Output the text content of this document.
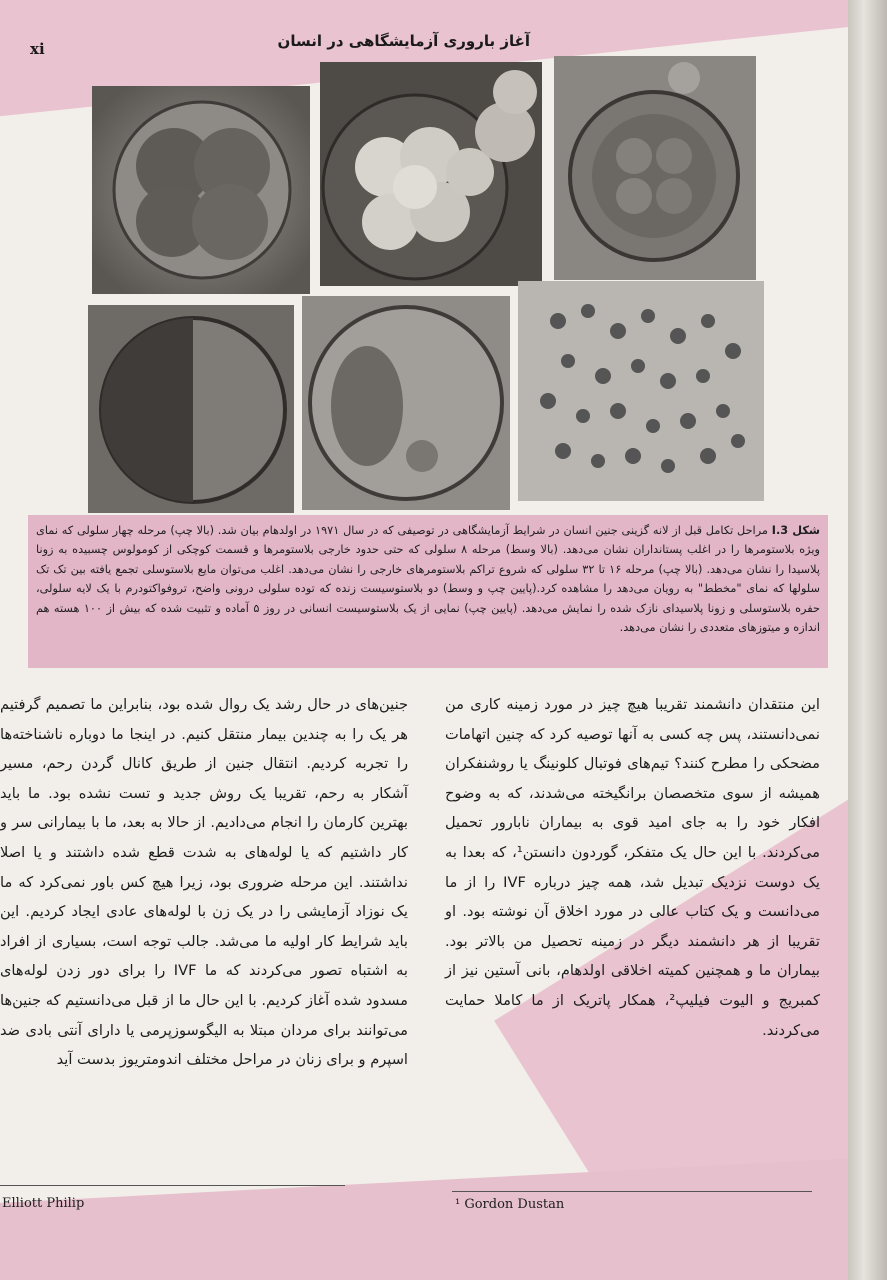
آغاز باروری آزمایشگاهی در انسان
xi
شکل I.3 مراحل تکامل قبل از لانه گزینی جنین انسان در شرایط آزمایشگاهی در توصیفی که در سال ۱۹۷۱ در اولدهام بیان شد. (بالا چپ) مرحله چهار سلولی که نمای ویژه بلاستومرها را در اغلب پستانداران نشان می‌دهد. (بالا وسط) مرحله ۸ سلولی که حتی حدود خارجی بلاستومرها و قسمت کوچکی از کومولوس چسبیده به زونا پلاسیدا را نشان می‌دهد. (بالا چپ) مرحله ۱۶ تا ۳۲ سلولی که شروع تراکم بلاستومرهای خارجی را نشان می‌دهد. اغلب می‌توان مایع بلاستوسلی تجمع یافته بین تک تک سلولها که نمای "مخطط" به رویان می‌دهد را مشاهده کرد.(پایین چپ و وسط) دو بلاستوسیست زنده که توده سلولی درونی واضح، تروفواکتودرم با یک لایه سلولی، حفره بلاستوسلی و زونا پلاسیدای نازک شده را نمایش می‌دهد. (پایین چپ) نمایی از یک بلاستوسیست انسانی در روز ۵ آماده و تثبیت شده که بیش از ۱۰۰ هسته هم اندازه و میتوزهای متعددی را نشان می‌دهد.
این منتقدان دانشمند تقریبا هیچ چیز در مورد زمینه کاری من نمی‌دانستند، پس چه کسی به آنها توصیه کرد که چنین اتهامات مضحکی را مطرح کنند؟ تیم‌های فوتبال کلونینگ یا روشنفکران همیشه از سوی متخصصان برانگیخته می‌شدند، که به وضوح افکار خود را به جای امید قوی به بیماران نابارور تحمیل می‌کردند. با این حال یک متفکر، گوردون دانستن¹، که بعدا به یک دوست نزدیک تبدیل شد، همه چیز درباره IVF را از ما می‌دانست و یک کتاب عالی در مورد اخلاق آن نوشته بود. او تقریبا از هر دانشمند دیگر در زمینه تحصیل من بالاتر بود. بیماران ما و همچنین کمیته اخلاقی اولدهام، بانی آستین نیز از کمبریج و الیوت فیلیپ²، همکار پاتریک از ما کاملا حمایت می‌کردند.
جنین‌های در حال رشد یک روال شده بود، بنابراین ما تصمیم گرفتیم هر یک را به چندین بیمار منتقل کنیم. در اینجا ما دوباره ناشناخته‌ها را تجربه کردیم. انتقال جنین از طریق کانال گردن رحم، مسیر آشکار به رحم، تقریبا یک روش جدید و تست نشده بود. ما باید بهترین کارمان را انجام می‌دادیم. از حالا به بعد، ما با بیمارانی سر و کار داشتیم که یا لوله‌های به شدت قطع شده داشتند و یا اصلا نداشتند. این مرحله ضروری بود، زیرا هیچ کس باور نمی‌کرد که ما یک نوزاد آزمایشی را در یک زن با لوله‌های عادی ایجاد کردیم. این باید شرایط کار اولیه ما می‌شد. جالب توجه است، بسیاری از افراد به اشتباه تصور می‌کردند که ما IVF را برای دور زدن لوله‌های مسدود شده آغاز کردیم. با این حال ما از قبل می‌دانستیم که جنین‌ها می‌توانند برای مردان مبتلا به الیگوسوزپرمی یا دارای آنتی بادی ضد اسپرم و برای زنان در مراحل مختلف اندومتریوز بدست آید
¹ Gordon Dustan
Elliott Philip
